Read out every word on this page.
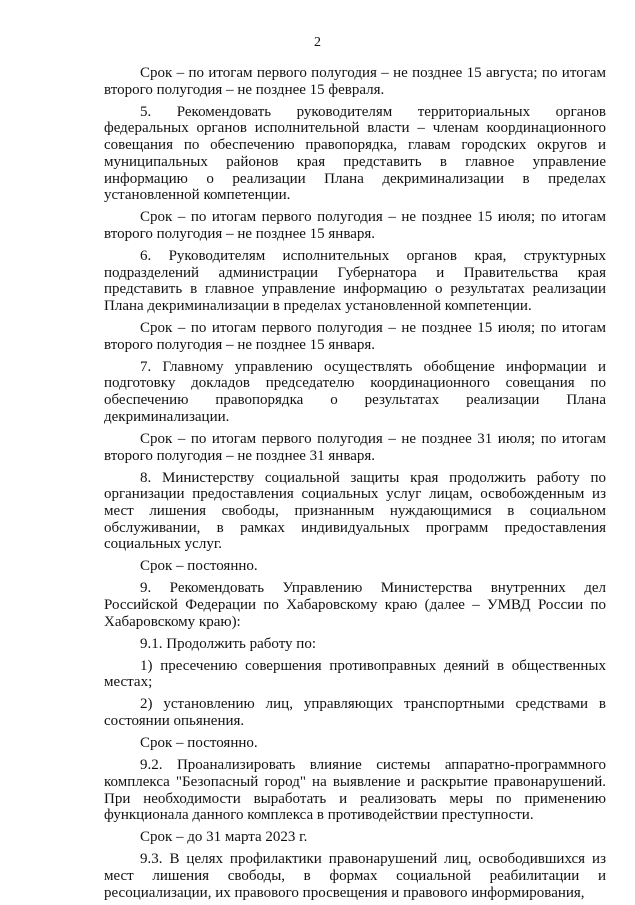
2

Срок – по итогам первого полугодия – не позднее 15 августа; по итогам второго полугодия – не позднее 15 февраля.

5. Рекомендовать руководителям территориальных органов федеральных органов исполнительной власти – членам координационного совещания по обеспечению правопорядка, главам городских округов и муниципальных районов края представить в главное управление информацию о реализации Плана декриминализации в пределах установленной компетенции.

Срок – по итогам первого полугодия – не позднее 15 июля; по итогам второго полугодия – не позднее 15 января.

6. Руководителям исполнительных органов края, структурных подразделений администрации Губернатора и Правительства края представить в главное управление информацию о результатах реализации Плана декриминализации в пределах установленной компетенции.

Срок – по итогам первого полугодия – не позднее 15 июля; по итогам второго полугодия – не позднее 15 января.

7. Главному управлению осуществлять обобщение информации и подготовку докладов председателю координационного совещания по обеспечению правопорядка о результатах реализации Плана декриминализации.

Срок – по итогам первого полугодия – не позднее 31 июля; по итогам второго полугодия – не позднее 31 января.

8. Министерству социальной защиты края продолжить работу по организации предоставления социальных услуг лицам, освобожденным из мест лишения свободы, признанным нуждающимися в социальном обслуживании, в рамках индивидуальных программ предоставления социальных услуг.

Срок – постоянно.

9. Рекомендовать Управлению Министерства внутренних дел Российской Федерации по Хабаровскому краю (далее – УМВД России по Хабаровскому краю):

9.1. Продолжить работу по:

1) пресечению совершения противоправных деяний в общественных местах;

2) установлению лиц, управляющих транспортными средствами в состоянии опьянения.

Срок – постоянно.

9.2. Проанализировать влияние системы аппаратно-программного комплекса "Безопасный город" на выявление и раскрытие правонарушений. При необходимости выработать и реализовать меры по применению функционала данного комплекса в противодействии преступности.

Срок – до 31 марта 2023 г.

9.3. В целях профилактики правонарушений лиц, освободившихся из мест лишения свободы, в формах социальной реабилитации и ресоциализации, их правового просвещения и правового информирования,
